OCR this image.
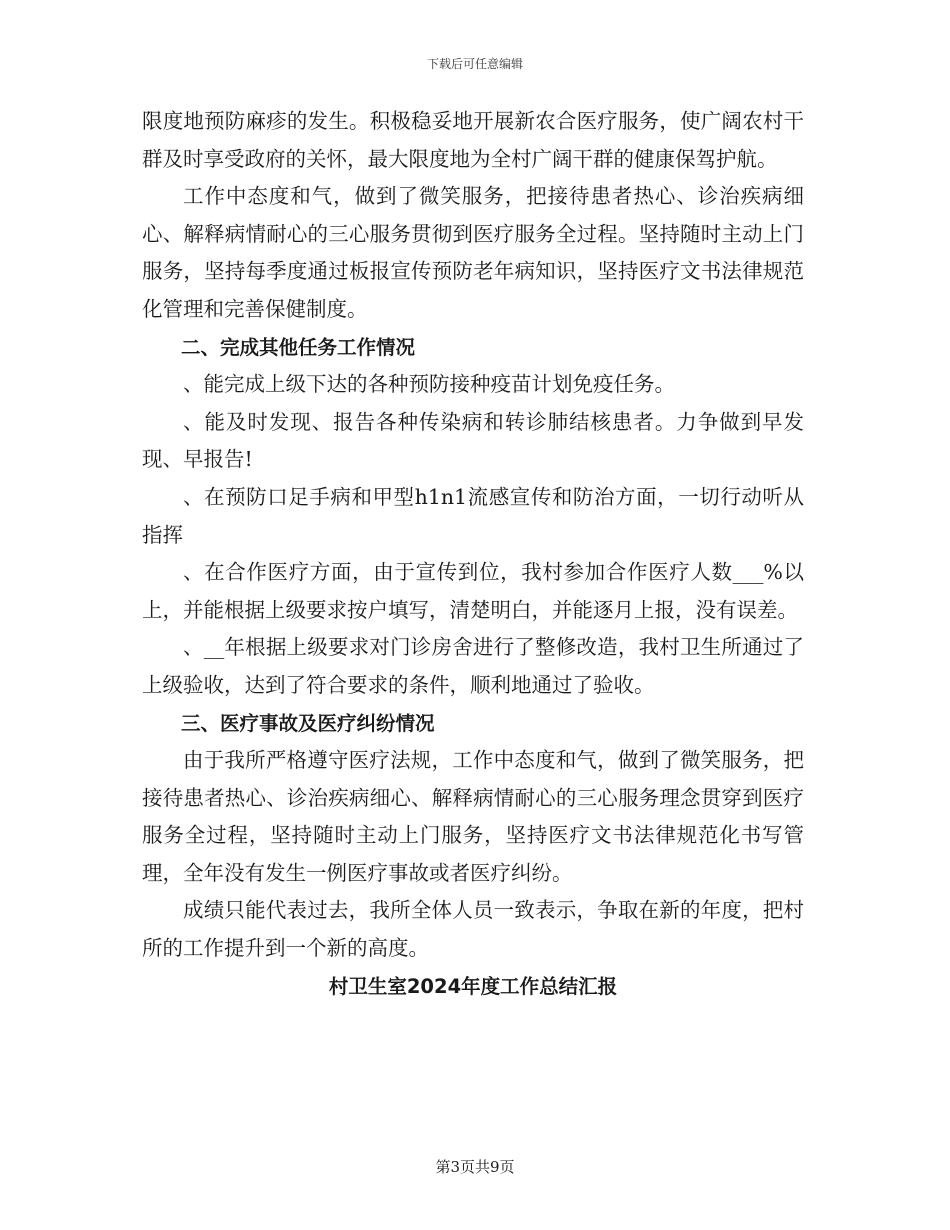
下载后可任意编辑

限度地预防麻疹的发生。积极稳妥地开展新农合医疗服务，使广阔农村干群及时享受政府的关怀，最大限度地为全村广阔干群的健康保驾护航。

工作中态度和气，做到了微笑服务，把接待患者热心、诊治疾病细心、解释病情耐心的三心服务贯彻到医疗服务全过程。坚持随时主动上门服务，坚持每季度通过板报宣传预防老年病知识，坚持医疗文书法律规范化管理和完善保健制度。

二、完成其他任务工作情况

、能完成上级下达的各种预防接种疫苗计划免疫任务。

、能及时发现、报告各种传染病和转诊肺结核患者。力争做到早发现、早报告!

、在预防口足手病和甲型h1n1流感宣传和防治方面，一切行动听从指挥

、在合作医疗方面，由于宣传到位，我村参加合作医疗人数___%以上，并能根据上级要求按户填写，清楚明白，并能逐月上报，没有误差。

、__年根据上级要求对门诊房舍进行了整修改造，我村卫生所通过了上级验收，达到了符合要求的条件，顺利地通过了验收。

三、医疗事故及医疗纠纷情况

由于我所严格遵守医疗法规，工作中态度和气，做到了微笑服务，把接待患者热心、诊治疾病细心、解释病情耐心的三心服务理念贯穿到医疗服务全过程，坚持随时主动上门服务，坚持医疗文书法律规范化书写管理，全年没有发生一例医疗事故或者医疗纠纷。

成绩只能代表过去，我所全体人员一致表示，争取在新的年度，把村所的工作提升到一个新的高度。

村卫生室2024年度工作总结汇报

第3页共9页
